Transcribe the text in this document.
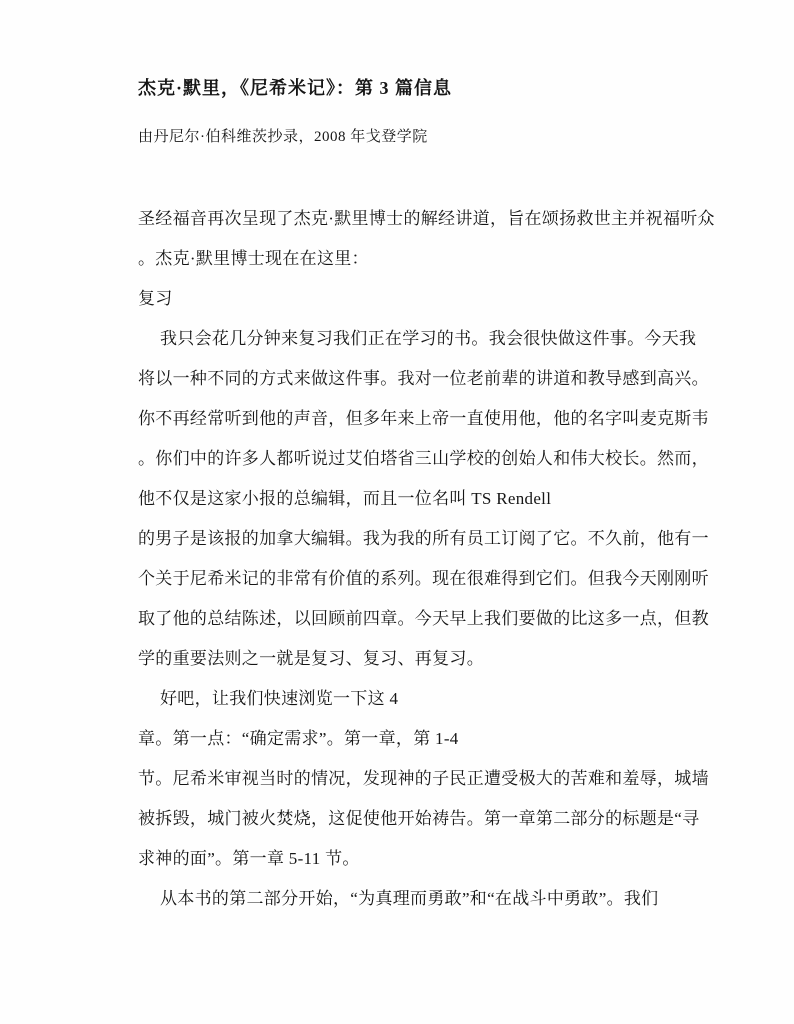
杰克·默里，《尼希米记》：第 3 篇信息
由丹尼尔·伯科维茨抄录，2008 年戈登学院
圣经福音再次呈现了杰克·默里博士的解经讲道，旨在颂扬救世主并祝福听众
。杰克·默里博士现在在这里：
复习
我只会花几分钟来复习我们正在学习的书。我会很快做这件事。今天我
将以一种不同的方式来做这件事。我对一位老前辈的讲道和教导感到高兴。
你不再经常听到他的声音，但多年来上帝一直使用他，他的名字叫麦克斯韦
。你们中的许多人都听说过艾伯塔省三山学校的创始人和伟大校长。然而，
他不仅是这家小报的总编辑，而且一位名叫 TS Rendell
的男子是该报的加拿大编辑。我为我的所有员工订阅了它。不久前，他有一
个关于尼希米记的非常有价值的系列。现在很难得到它们。但我今天刚刚听
取了他的总结陈述，以回顾前四章。今天早上我们要做的比这多一点，但教
学的重要法则之一就是复习、复习、再复习。
好吧，让我们快速浏览一下这 4
章。第一点：“确定需求”。第一章，第 1-4
节。尼希米审视当时的情况，发现神的子民正遭受极大的苦难和羞辱，城墙
被拆毁，城门被火焚烧，这促使他开始祷告。第一章第二部分的标题是“寻
求神的面”。第一章 5-11 节。
从本书的第二部分开始，“为真理而勇敢”和“在战斗中勇敢”。我们
